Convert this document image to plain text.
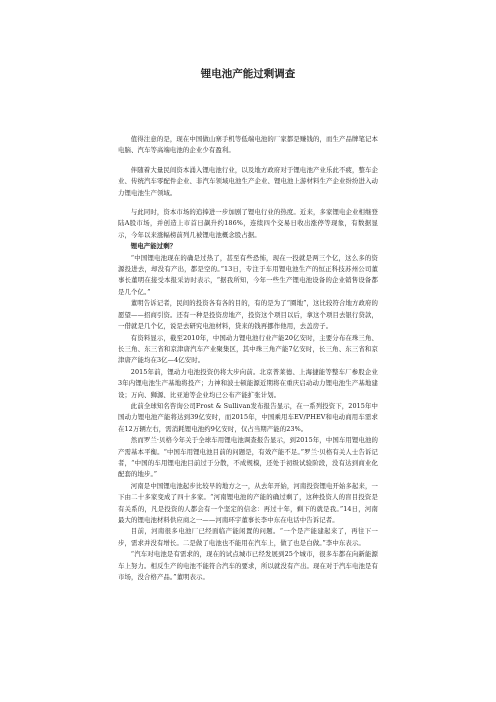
锂电池产能过剩调查

值得注意的是，现在中国做山寨手机等低端电池的厂家都是赚钱的，而生产品牌笔记本电脑、汽车等高端电池的企业少有盈利。

伴随着大量民间资本涌入锂电池行业，以及地方政府对于锂电池产业乐此不疲，整车企业、传统汽车零配件企业、非汽车领域电池生产企业、锂电池上游材料生产企业纷纷进入动力锂电池生产领域。

与此同时，资本市场的追捧进一步加剧了锂电行业的热度。近来，多家锂电企业相继登陆A股市场，并创造上市首日飙升约186%，连续四个交易日收出涨停等现象，有数据显示，今年以来涨幅榜前列几被锂电池概念股占据。

锂电产能过剩？

“中国锂电池现在的确是过热了，甚至有些恐怖，现在一投就是两三个亿，这么多的资源投进去，却没有产出，都是空的。”13日，专注于车用锂电池生产的恒正科技苏州公司董事长董明在接受本报采访时表示，“据我所知，今年一些生产锂电池设备的企业销售设备都是几个亿。”

董明告诉记者，民间的投资各有各的目的，有的是为了“圈地”，这比较符合地方政府的愿望——招商引资。还有一种是投资房地产，投资这个项目以后，拿这个项目去银行贷款，一借就是几个亿，说是去研究电池材料，贷来的钱再挪作他用，去盖房子。

有资料显示，截至2010年，中国动力锂电池行业产能20亿安时，主要分布在珠三角、长三角、东三省和京津唐汽车产业聚集区，其中珠三角产能7亿安时，长三角、东三省和京津唐产能均在3亿—4亿安时。

2015年前，锂动力电池投资仍将大步向前。北京普莱德、上海捷能等整车厂参股企业3年内锂电池生产基地将投产；力神和波士顿能源近期将在重庆启动动力锂电池生产基地建设；万向、狮源、比亚迪等企业均已公布产能扩张计划。

此前全球知名咨询公司Frost & Sullivan发布报告显示，在一系列投资下，2015年中国动力锂电池产能将达到39亿安时，而2015年，中国乘用车EV/PHEV和电动商用车需求在12万辆左右，需消耗锂电池约9亿安时，仅占当期产能的23%。

然而罗兰·贝格今年关于全球车用锂电池调查报告显示，到2015年，中国车用锂电池的产需基本平衡。“中国车用锂电池目前的问题是，有效产能不足。”罗兰·贝格有关人士告诉记者，“中国的车用锂电池目前过于分散，不成规模，还处于初级试验阶段，没有达到商业化配套的地步。”

河南是中国锂电池起步比较早的地方之一，从去年开始，河南投资锂电开始多起来，一下由二十多家变成了四十多家。“河南锂电池的产能的确过剩了，这种投资人的盲目投资是有关系的，凡是投资的人都会有一个坚定的信念：再过十年，剩下的就是我。”14日，河南最大的锂电池材料供应商之一——河南环宇董事长李中东在电话中告诉记者。

目前，河南很多电池厂已经面临产能闲置的问题。“一个是产能建起来了，再往下一步，需求并没有增长。二是做了电池也不能用在汽车上，做了也是白做。”李中东表示。

“汽车对电池是有需求的，现在的试点城市已经发展到25个城市，很多车都在向新能源车上努力。相反生产的电池不能符合汽车的要求，所以就没有产出。现在对于汽车电池是有市场，没合格产品。”董明表示。
